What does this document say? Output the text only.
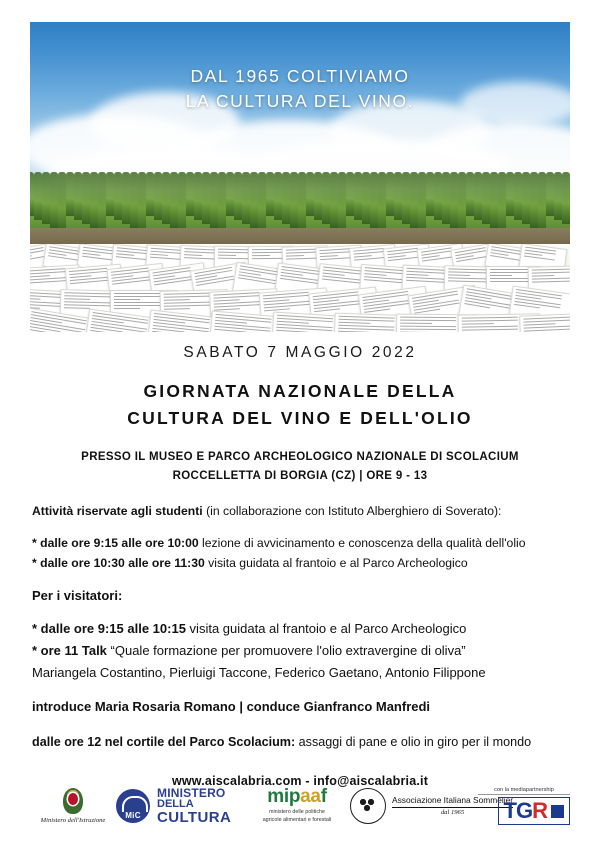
DAL 1965 COLTIVIAMO
LA CULTURA DEL VINO.
SABATO 7 MAGGIO 2022
GIORNATA NAZIONALE DELLA
CULTURA DEL VINO E DELL'OLIO
PRESSO IL MUSEO E PARCO ARCHEOLOGICO NAZIONALE DI SCOLACIUM
ROCCELLETTA DI BORGIA (CZ) | ORE 9 - 13

Attività riservate agli studenti (in collaborazione con Istituto Alberghiero di Soverato):

* dalle ore 9:15 alle ore 10:00 lezione di avvicinamento e conoscenza della qualità dell'olio

* dalle ore 10:30 alle ore 11:30 visita guidata al frantoio e al Parco Archeologico

Per i visitatori:

* dalle ore 9:15 alle 10:15 visita guidata al frantoio e al Parco Archeologico

* ore 11 Talk “Quale formazione per promuovere l'olio extravergine di oliva”

Mariangela Costantino, Pierluigi Taccone, Federico Gaetano, Antonio Filippone

introduce Maria Rosaria Romano | conduce Gianfranco Manfredi

dalle ore 12 nel cortile del Parco Scolacium: assaggi di pane e olio in giro per il mondo

www.aiscalabria.com - info@aiscalabria.it
Ministero dell'Istruzione
MiC
MINISTERO
DELLA
CULTURA
mipaaf
ministero delle politiche
agricole alimentari e forestali
Associazione Italiana Sommelier
dal 1965
con la mediapartnership
TGR
